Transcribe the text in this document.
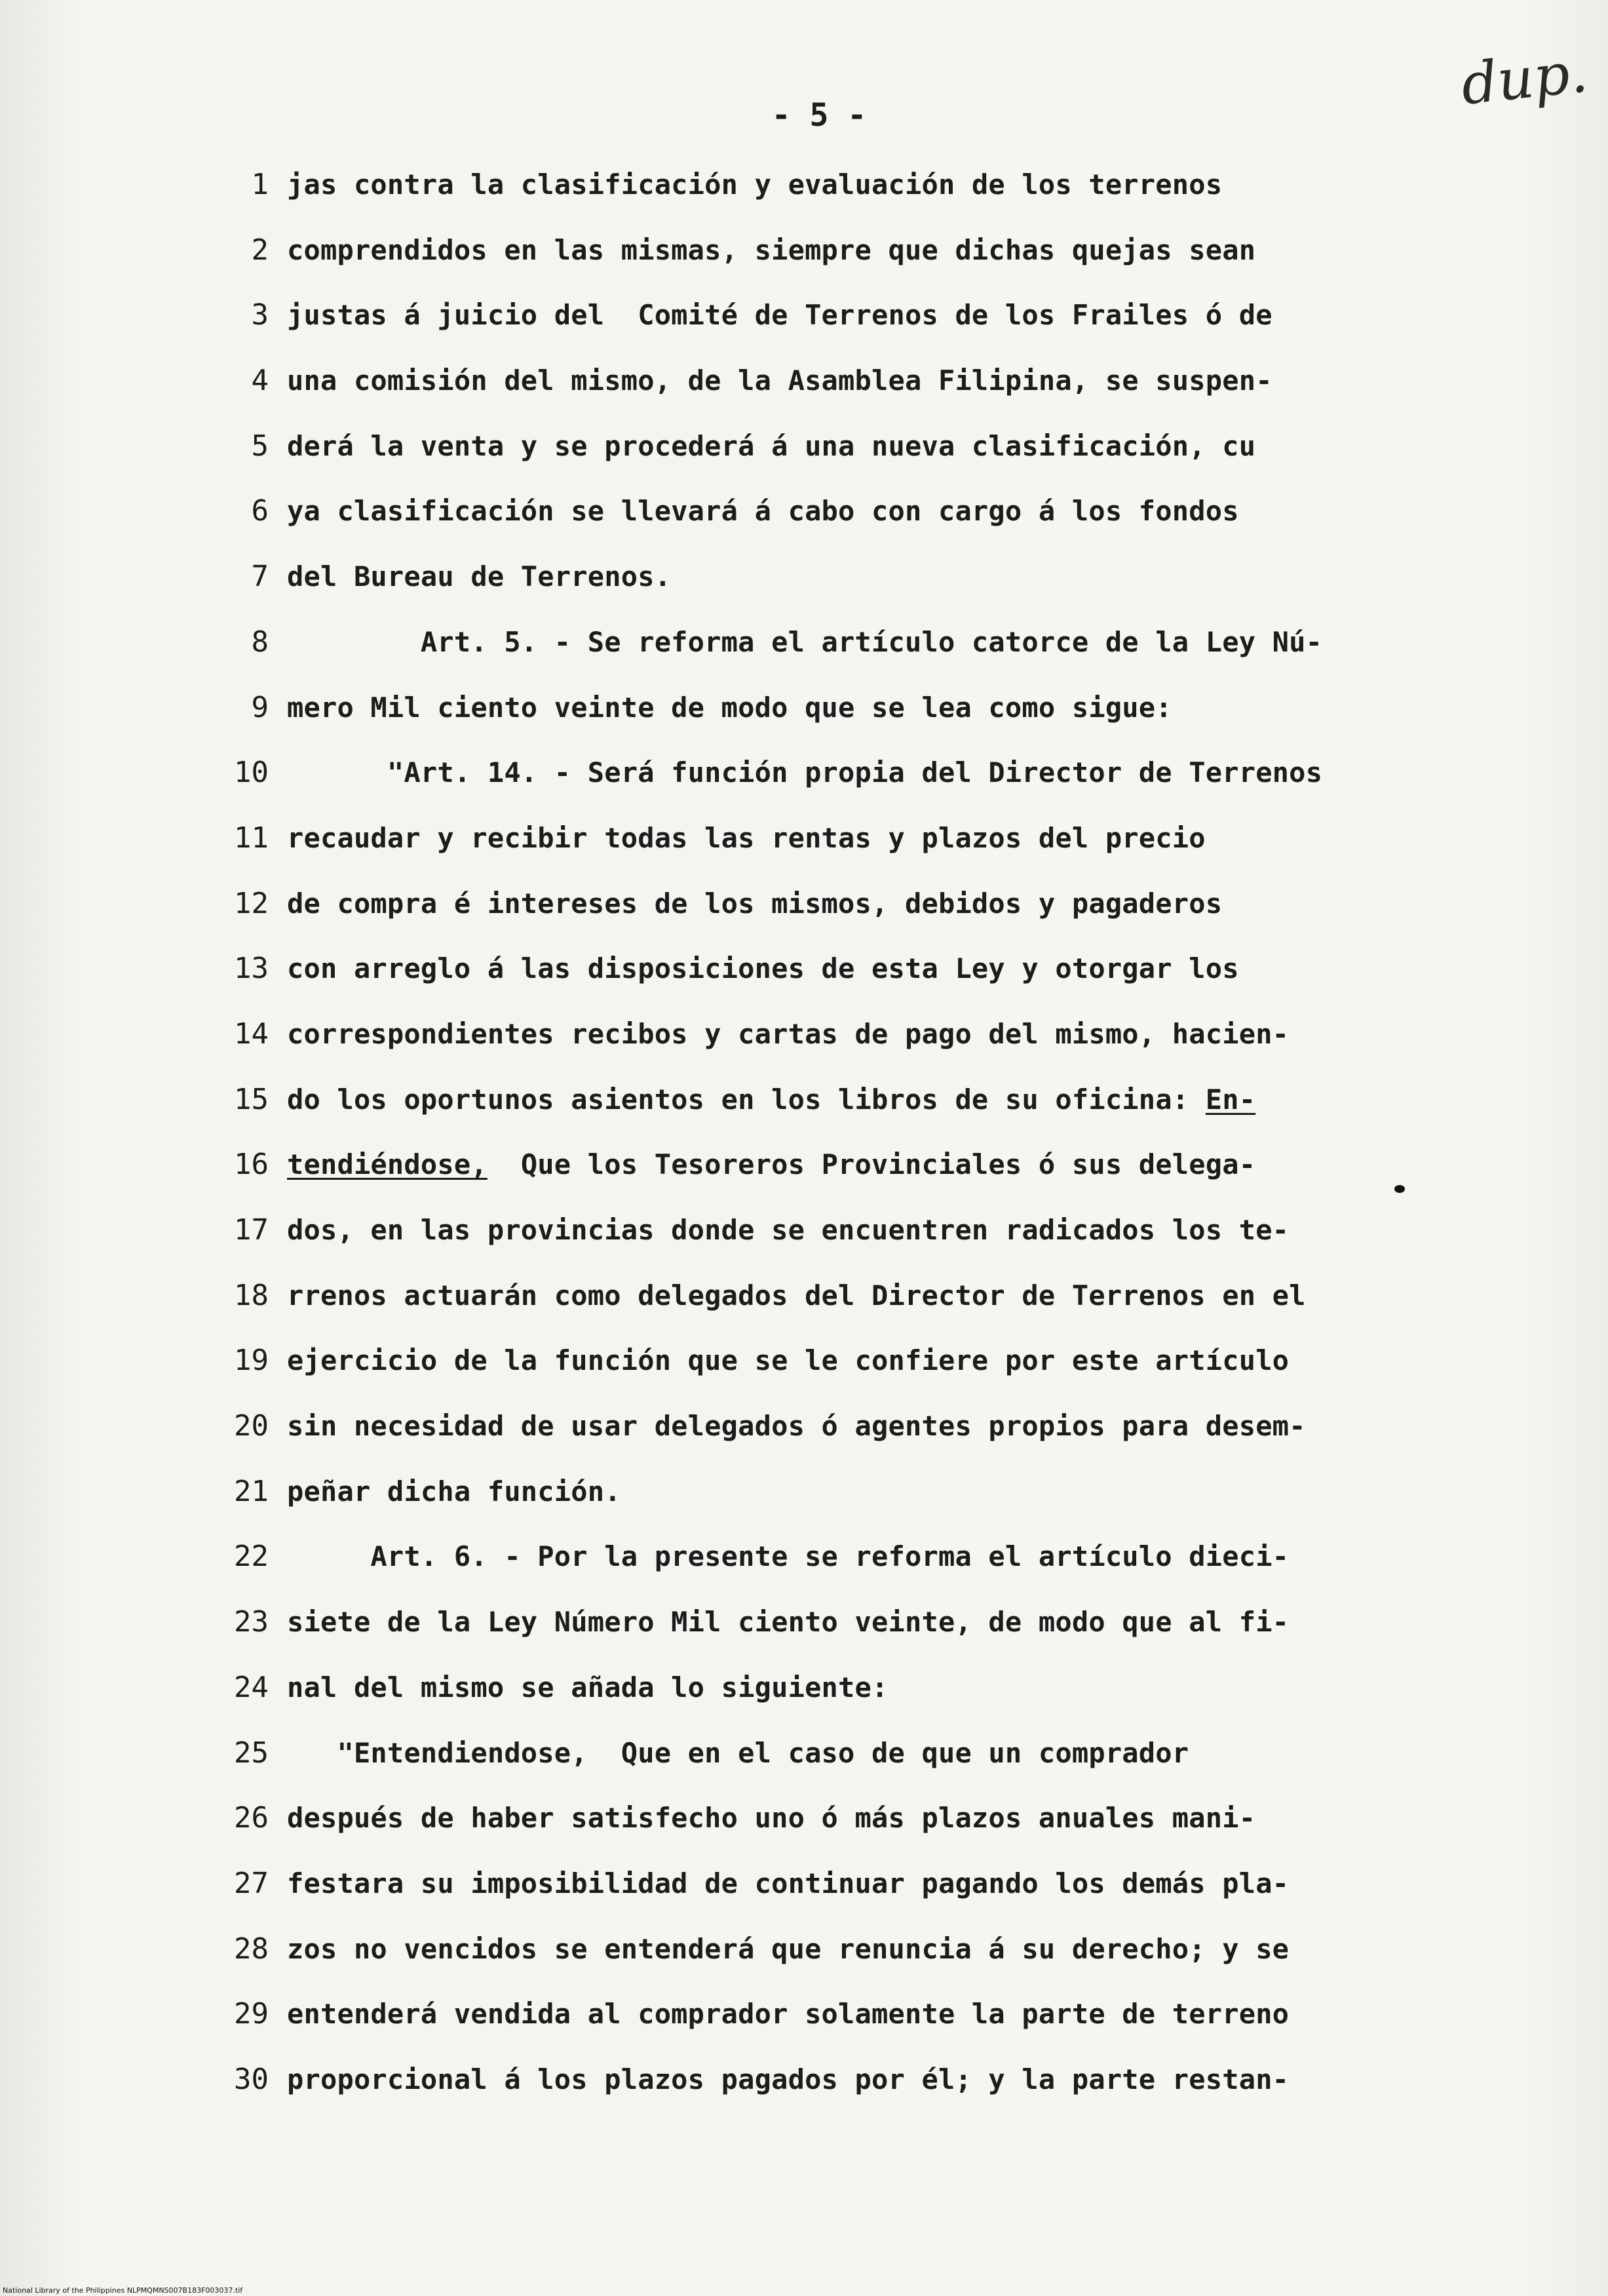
dup.
- 5 -
1
2
3
4
5
6
7
8
9
10
11
12
13
14
15
16
17
18
19
20
21
22
23
24
25
26
27
28
29
30
jas contra la clasificación y evaluación de los terrenos
comprendidos en las mismas, siempre que dichas quejas sean
justas á juicio del  Comité de Terrenos de los Frailes ó de
una comisión del mismo, de la Asamblea Filipina, se suspen-
derá la venta y se procederá á una nueva clasificación, cu
ya clasificación se llevará á cabo con cargo á los fondos
del Bureau de Terrenos.
Art. 5. - Se reforma el artículo catorce de la Ley Nú-
mero Mil ciento veinte de modo que se lea como sigue:
"Art. 14. - Será función propia del Director de Terrenos
recaudar y recibir todas las rentas y plazos del precio
de compra é intereses de los mismos, debidos y pagaderos
con arreglo á las disposiciones de esta Ley y otorgar los
correspondientes recibos y cartas de pago del mismo, hacien-
do los oportunos asientos en los libros de su oficina: En-
tendiéndose,  Que los Tesoreros Provinciales ó sus delega-
dos, en las provincias donde se encuentren radicados los te-
rrenos actuarán como delegados del Director de Terrenos en el
ejercicio de la función que se le confiere por este artículo
sin necesidad de usar delegados ó agentes propios para desem-
peñar dicha función.
Art. 6. - Por la presente se reforma el artículo dieci-
siete de la Ley Número Mil ciento veinte, de modo que al fi-
nal del mismo se añada lo siguiente:
"Entendiendose,  Que en el caso de que un comprador
después de haber satisfecho uno ó más plazos anuales mani-
festara su imposibilidad de continuar pagando los demás pla-
zos no vencidos se entenderá que renuncia á su derecho; y se
entenderá vendida al comprador solamente la parte de terreno
proporcional á los plazos pagados por él; y la parte restan-
National Library of the Philippines NLPMQMNS007B183F003037.tif
